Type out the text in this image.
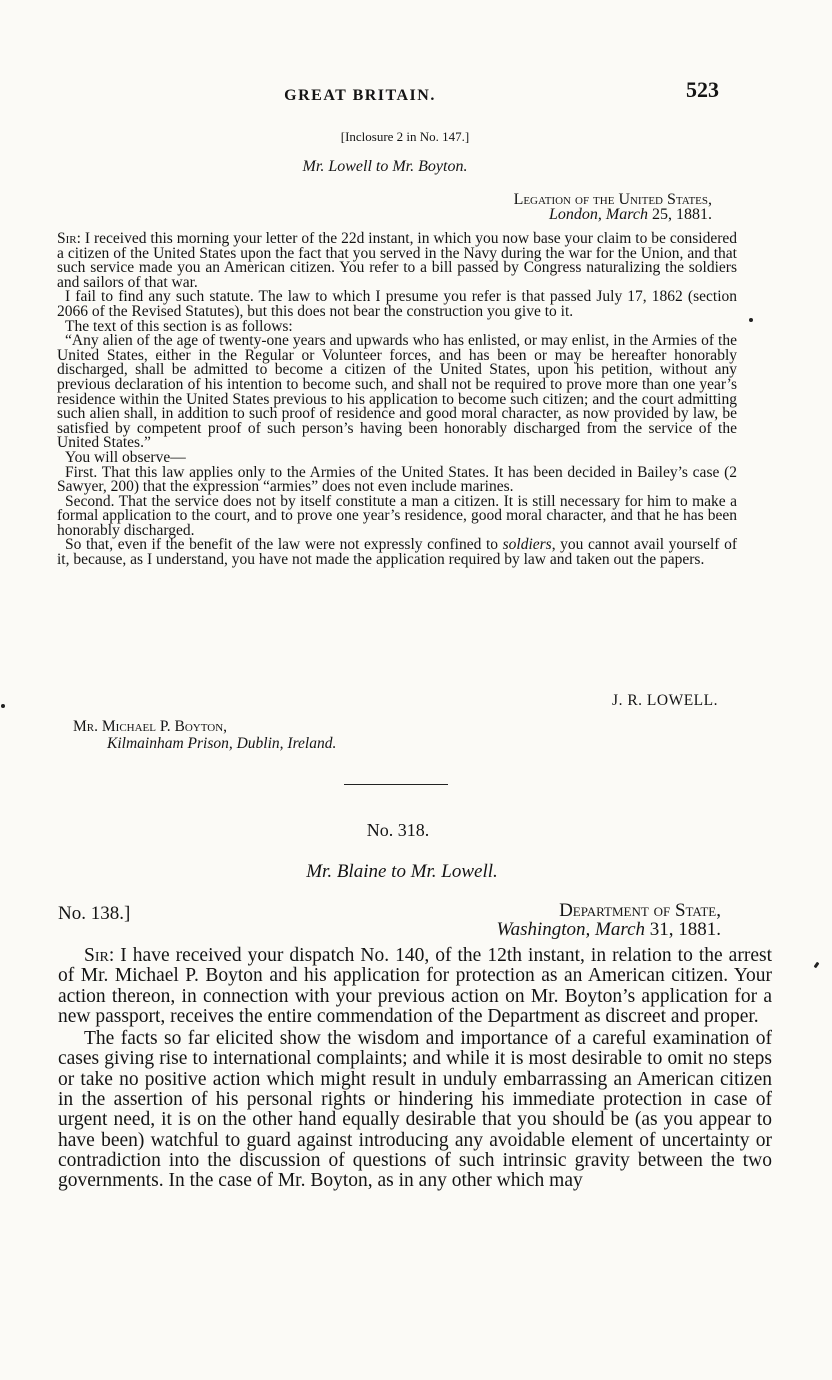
GREAT BRITAIN.	523
[Inclosure 2 in No. 147.]
Mr. Lowell to Mr. Boyton.
Legation of the United States,
London, March 25, 1881.

Sir: I received this morning your letter of the 22d instant, in which you now base your claim to be considered a citizen of the United States upon the fact that you served in the Navy during the war for the Union, and that such service made you an American citizen. You refer to a bill passed by Congress naturalizing the soldiers and sailors of that war.

I fail to find any such statute. The law to which I presume you refer is that passed July 17, 1862 (section 2066 of the Revised Statutes), but this does not bear the construction you give to it.

The text of this section is as follows:

“Any alien of the age of twenty-one years and upwards who has enlisted, or may enlist, in the Armies of the United States, either in the Regular or Volunteer forces, and has been or may be hereafter honorably discharged, shall be admitted to become a citizen of the United States, upon his petition, without any previous declaration of his intention to become such, and shall not be required to prove more than one year’s residence within the United States previous to his application to become such citizen; and the court admitting such alien shall, in addition to such proof of residence and good moral character, as now provided by law, be satisfied by competent proof of such person’s having been honorably discharged from the service of the United States.”

You will observe—

First. That this law applies only to the Armies of the United States. It has been decided in Bailey’s case (2 Sawyer, 200) that the expression “armies” does not even include marines.

Second. That the service does not by itself constitute a man a citizen. It is still necessary for him to make a formal application to the court, and to prove one year’s residence, good moral character, and that he has been honorably discharged.

So that, even if the benefit of the law were not expressly confined to soldiers, you cannot avail yourself of it, because, as I understand, you have not made the application required by law and taken out the papers.

J. R. LOWELL.
Mr. Michael P. Boyton,
Kilmainham Prison, Dublin, Ireland.
No. 318.
Mr. Blaine to Mr. Lowell.
No. 138.]	Department of State,
Washington, March 31, 1881.

Sir: I have received your dispatch No. 140, of the 12th instant, in relation to the arrest of Mr. Michael P. Boyton and his application for protection as an American citizen. Your action thereon, in connection with your previous action on Mr. Boyton’s application for a new passport, receives the entire commendation of the Department as discreet and proper.

The facts so far elicited show the wisdom and importance of a careful examination of cases giving rise to international complaints; and while it is most desirable to omit no steps or take no positive action which might result in unduly embarrassing an American citizen in the assertion of his personal rights or hindering his immediate protection in case of urgent need, it is on the other hand equally desirable that you should be (as you appear to have been) watchful to guard against introducing any avoidable element of uncertainty or contradiction into the discussion of questions of such intrinsic gravity between the two governments. In the case of Mr. Boyton, as in any other which may
